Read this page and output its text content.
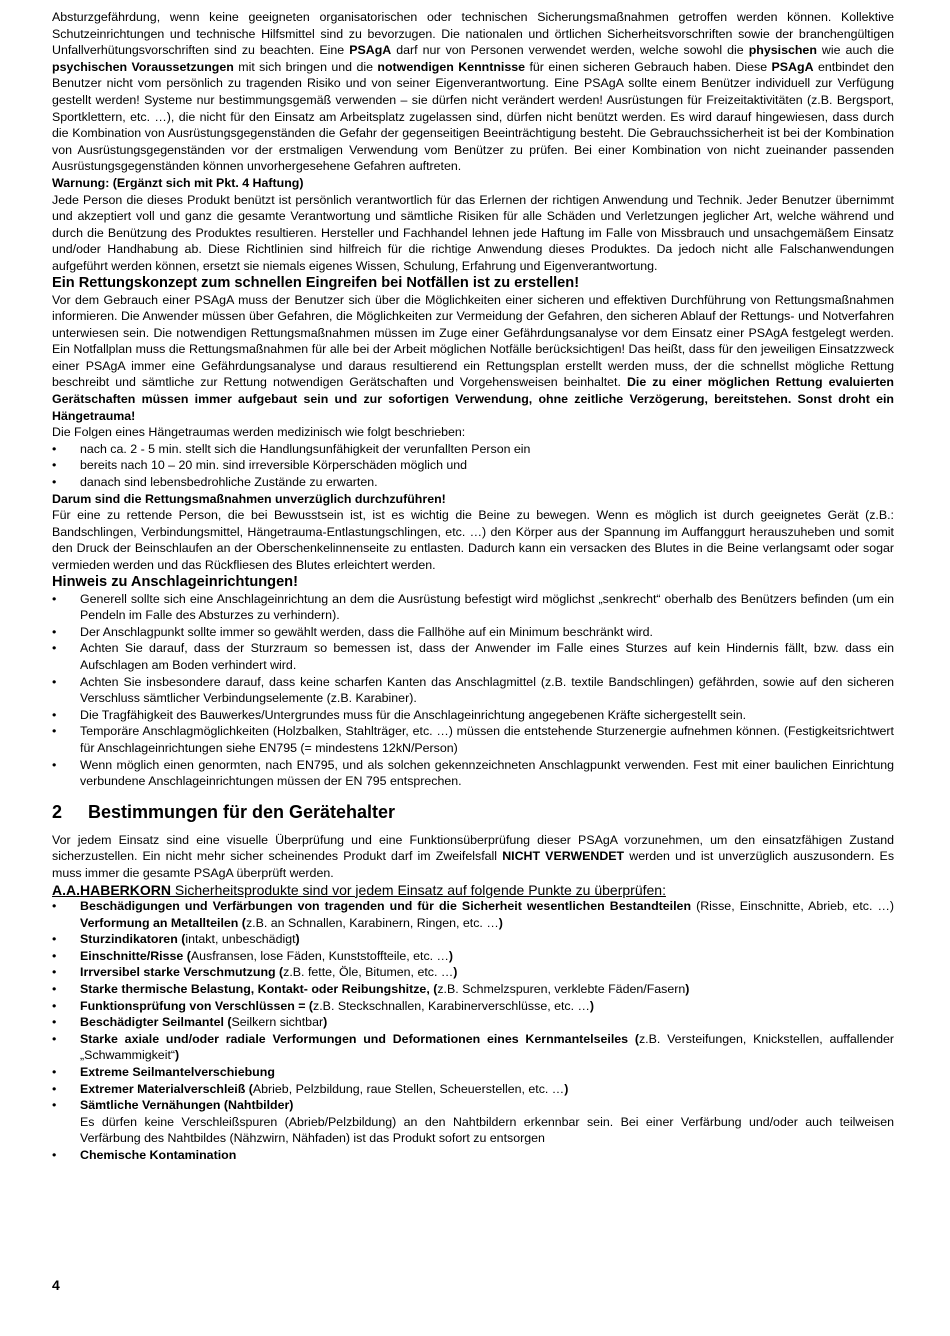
Absturzgefährdung, wenn keine geeigneten organisatorischen oder technischen Sicherungsmaßnahmen getroffen werden können. Kollektive Schutzeinrichtungen und technische Hilfsmittel sind zu bevorzugen. Die nationalen und örtlichen Sicherheitsvorschriften sowie der branchengültigen Unfallverhütungsvorschriften sind zu beachten. Eine PSAgA darf nur von Personen verwendet werden, welche sowohl die physischen wie auch die psychischen Voraussetzungen mit sich bringen und die notwendigen Kenntnisse für einen sicheren Gebrauch haben. Diese PSAgA entbindet den Benutzer nicht vom persönlich zu tragenden Risiko und von seiner Eigenverantwortung. Eine PSAgA sollte einem Benützer individuell zur Verfügung gestellt werden! Systeme nur bestimmungsgemäß verwenden – sie dürfen nicht verändert werden! Ausrüstungen für Freizeitaktivitäten (z.B. Bergsport, Sportklettern, etc. …), die nicht für den Einsatz am Arbeitsplatz zugelassen sind, dürfen nicht benützt werden. Es wird darauf hingewiesen, dass durch die Kombination von Ausrüstungsgegenständen die Gefahr der gegenseitigen Beeinträchtigung besteht. Die Gebrauchssicherheit ist bei der Kombination von Ausrüstungsgegenständen vor der erstmaligen Verwendung vom Benützer zu prüfen. Bei einer Kombination von nicht zueinander passenden Ausrüstungsgegenständen können unvorhergesehene Gefahren auftreten.

Warnung: (Ergänzt sich mit Pkt. 4 Haftung)

Jede Person die dieses Produkt benützt ist persönlich verantwortlich für das Erlernen der richtigen Anwendung und Technik. Jeder Benutzer übernimmt und akzeptiert voll und ganz die gesamte Verantwortung und sämtliche Risiken für alle Schäden und Verletzungen jeglicher Art, welche während und durch die Benützung des Produktes resultieren. Hersteller und Fachhandel lehnen jede Haftung im Falle von Missbrauch und unsachgemäßem Einsatz und/oder Handhabung ab. Diese Richtlinien sind hilfreich für die richtige Anwendung dieses Produktes. Da jedoch nicht alle Falschanwendungen aufgeführt werden können, ersetzt sie niemals eigenes Wissen, Schulung, Erfahrung und Eigenverantwortung.

Ein Rettungskonzept zum schnellen Eingreifen bei Notfällen ist zu erstellen!

Vor dem Gebrauch einer PSAgA muss der Benutzer sich über die Möglichkeiten einer sicheren und effektiven Durchführung von Rettungsmaßnahmen informieren. Die Anwender müssen über Gefahren, die Möglichkeiten zur Vermeidung der Gefahren, den sicheren Ablauf der Rettungs- und Notverfahren unterwiesen sein. Die notwendigen Rettungsmaßnahmen müssen im Zuge einer Gefährdungsanalyse vor dem Einsatz einer PSAgA festgelegt werden. Ein Notfallplan muss die Rettungsmaßnahmen für alle bei der Arbeit möglichen Notfälle berücksichtigen! Das heißt, dass für den jeweiligen Einsatzzweck einer PSAgA immer eine Gefährdungsanalyse und daraus resultierend ein Rettungsplan erstellt werden muss, der die schnellst mögliche Rettung beschreibt und sämtliche zur Rettung notwendigen Gerätschaften und Vorgehensweisen beinhaltet. Die zu einer möglichen Rettung evaluierten Gerätschaften müssen immer aufgebaut sein und zur sofortigen Verwendung, ohne zeitliche Verzögerung, bereitstehen. Sonst droht ein Hängetrauma!

Die Folgen eines Hängetraumas werden medizinisch wie folgt beschrieben:

• nach ca. 2 - 5 min. stellt sich die Handlungsunfähigkeit der verunfallten Person ein
• bereits nach 10 – 20 min. sind irreversible Körperschäden möglich und
• danach sind lebensbedrohliche Zustände zu erwarten.
Darum sind die Rettungsmaßnahmen unverzüglich durchzuführen!

Für eine zu rettende Person, die bei Bewusstsein ist, ist es wichtig die Beine zu bewegen. Wenn es möglich ist durch geeignetes Gerät (z.B.: Bandschlingen, Verbindungsmittel, Hängetrauma-Entlastungschlingen, etc. …) den Körper aus der Spannung im Auffanggurt herauszuheben und somit den Druck der Beinschlaufen an der Oberschenkelinnenseite zu entlasten. Dadurch kann ein versacken des Blutes in die Beine verlangsamt oder sogar vermieden werden und das Rückfliesen des Blutes erleichtert werden.

Hinweis zu Anschlageinrichtungen!
• Generell sollte sich eine Anschlageinrichtung an dem die Ausrüstung befestigt wird möglichst „senkrecht“ oberhalb des Benützers befinden (um ein Pendeln im Falle des Absturzes zu verhindern).
• Der Anschlagpunkt sollte immer so gewählt werden, dass die Fallhöhe auf ein Minimum beschränkt wird.
• Achten Sie darauf, dass der Sturzraum so bemessen ist, dass der Anwender im Falle eines Sturzes auf kein Hindernis fällt, bzw. dass ein Aufschlagen am Boden verhindert wird.
• Achten Sie insbesondere darauf, dass keine scharfen Kanten das Anschlagmittel (z.B. textile Bandschlingen) gefährden, sowie auf den sicheren Verschluss sämtlicher Verbindungselemente (z.B. Karabiner).
• Die Tragfähigkeit des Bauwerkes/Untergrundes muss für die Anschlageinrichtung angegebenen Kräfte sichergestellt sein.
• Temporäre Anschlagmöglichkeiten (Holzbalken, Stahlträger, etc. …) müssen die entstehende Sturzenergie aufnehmen können. (Festigkeitsrichtwert für Anschlageinrichtungen siehe EN795 (= mindestens 12kN/Person)
• Wenn möglich einen genormten, nach EN795, und als solchen gekennzeichneten Anschlagpunkt verwenden. Fest mit einer baulichen Einrichtung verbundene Anschlageinrichtungen müssen der EN 795 entsprechen.
2 Bestimmungen für den Gerätehalter

Vor jedem Einsatz sind eine visuelle Überprüfung und eine Funktionsüberprüfung dieser PSAgA vorzunehmen, um den einsatzfähigen Zustand sicherzustellen. Ein nicht mehr sicher scheinendes Produkt darf im Zweifelsfall NICHT VERWENDET werden und ist unverzüglich auszusondern. Es muss immer die gesamte PSAgA überprüft werden.

A.A.HABERKORN Sicherheitsprodukte sind vor jedem Einsatz auf folgende Punkte zu überprüfen:
• Beschädigungen und Verfärbungen von tragenden und für die Sicherheit wesentlichen Bestandteilen (Risse, Einschnitte, Abrieb, etc. …) Verformung an Metallteilen (z.B. an Schnallen, Karabinern, Ringen, etc. …)
• Sturzindikatoren (intakt, unbeschädigt)
• Einschnitte/Risse (Ausfransen, lose Fäden, Kunststoffteile, etc. …)
• Irrversibel starke Verschmutzung (z.B. fette, Öle, Bitumen, etc. …)
• Starke thermische Belastung, Kontakt- oder Reibungshitze, (z.B. Schmelzspuren, verklebte Fäden/Fasern)
• Funktionsprüfung von Verschlüssen = (z.B. Steckschnallen, Karabinerverschlüsse, etc. …)
• Beschädigter Seilmantel (Seilkern sichtbar)
• Starke axiale und/oder radiale Verformungen und Deformationen eines Kernmantelseiles (z.B. Versteifungen, Knickstellen, auffallender „Schwammigkeit“)
• Extreme Seilmantelverschiebung
• Extremer Materialverschleiß (Abrieb, Pelzbildung, raue Stellen, Scheuerstellen, etc. …)
• Sämtliche Vernähungen (Nahtbilder)
Es dürfen keine Verschleißspuren (Abrieb/Pelzbildung) an den Nahtbildern erkennbar sein. Bei einer Verfärbung und/oder auch teilweisen Verfärbung des Nahtbildes (Nähzwirn, Nähfaden) ist das Produkt sofort zu entsorgen
• Chemische Kontamination
4
